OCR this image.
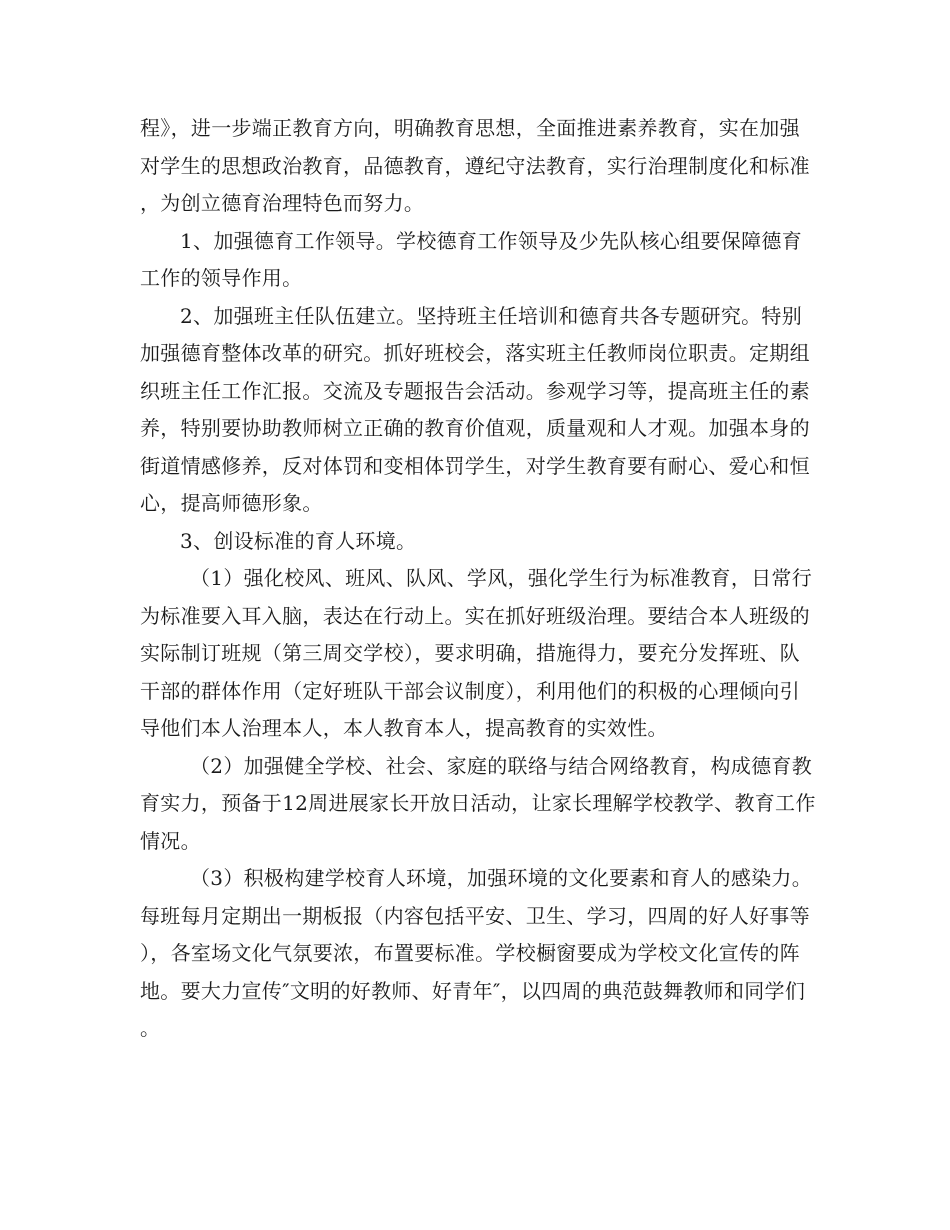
程》，进一步端正教育方向，明确教育思想，全面推进素养教育，实在加强对学生的思想政治教育，品德教育，遵纪守法教育，实行治理制度化和标准，为创立德育治理特色而努力。

1、加强德育工作领导。学校德育工作领导及少先队核心组要保障德育工作的领导作用。

2、加强班主任队伍建立。坚持班主任培训和德育共各专题研究。特别加强德育整体改革的研究。抓好班校会，落实班主任教师岗位职责。定期组织班主任工作汇报。交流及专题报告会活动。参观学习等，提高班主任的素养，特别要协助教师树立正确的教育价值观，质量观和人才观。加强本身的街道情感修养，反对体罚和变相体罚学生，对学生教育要有耐心、爱心和恒心，提高师德形象。

3、创设标准的育人环境。

（1）强化校风、班风、队风、学风，强化学生行为标准教育，日常行为标准要入耳入脑，表达在行动上。实在抓好班级治理。要结合本人班级的实际制订班规（第三周交学校），要求明确，措施得力，要充分发挥班、队干部的群体作用（定好班队干部会议制度），利用他们的积极的心理倾向引导他们本人治理本人，本人教育本人，提高教育的实效性。

（2）加强健全学校、社会、家庭的联络与结合网络教育，构成德育教育实力，预备于12周进展家长开放日活动，让家长理解学校教学、教育工作情况。

（3）积极构建学校育人环境，加强环境的文化要素和育人的感染力。每班每月定期出一期板报（内容包括平安、卫生、学习，四周的好人好事等），各室场文化气氛要浓，布置要标准。学校橱窗要成为学校文化宣传的阵地。要大力宣传″文明的好教师、好青年″，以四周的典范鼓舞教师和同学们。
